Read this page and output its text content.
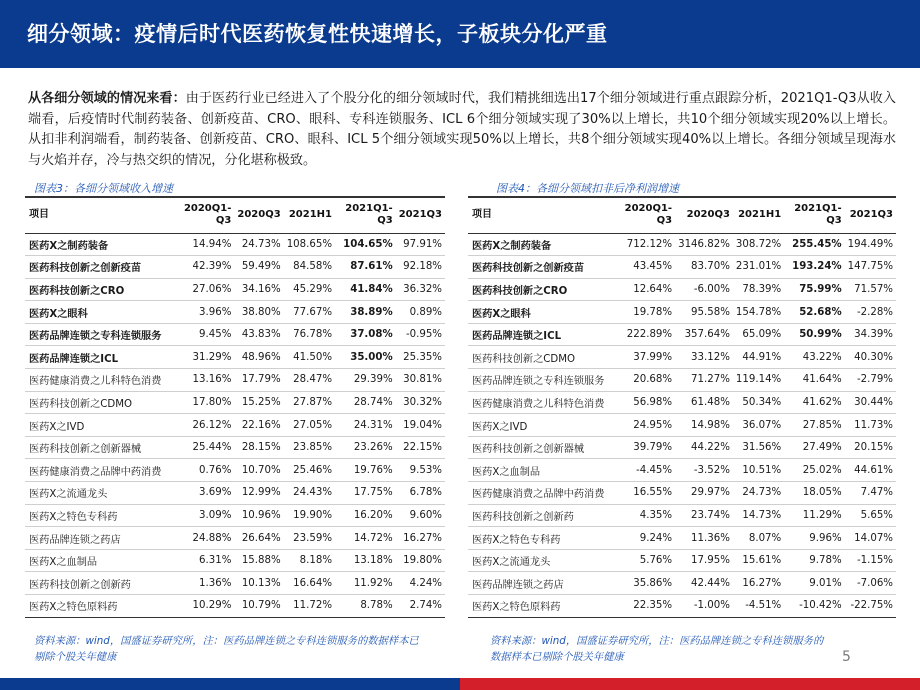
细分领域：疫情后时代医药恢复性快速增长，子板块分化严重
从各细分领域的情况来看：由于医药行业已经进入了个股分化的细分领域时代，我们精挑细选出17个细分领域进行重点跟踪分析，2021Q1-Q3从收入端看，后疫情时代制药装备、创新疫苗、CRO、眼科、专科连锁服务、ICL 6个细分领域实现了30%以上增长，共10个细分领域实现20%以上增长。从扣非利润端看，制药装备、创新疫苗、CRO、眼科、ICL 5个细分领域实现50%以上增长，共8个细分领域实现40%以上增长。各细分领域呈现海水与火焰并存，冷与热交织的情况，分化堪称极致。
图表3：各细分领域收入增速	图表4：各细分领域扣非后净利润增速
项目	2020Q1-Q3	2020Q3	2021H1	2021Q1-Q3	2021Q3
医药X之制药装备	14.94%	24.73%	108.65%	104.65%	97.91%
医药科技创新之创新疫苗	42.39%	59.49%	84.58%	87.61%	92.18%
医药科技创新之CRO	27.06%	34.16%	45.29%	41.84%	36.32%
医药X之眼科	3.96%	38.80%	77.67%	38.89%	0.89%
医药品牌连锁之专科连锁服务	9.45%	43.83%	76.78%	37.08%	-0.95%
医药品牌连锁之ICL	31.29%	48.96%	41.50%	35.00%	25.35%
医药健康消费之儿科特色消费	13.16%	17.79%	28.47%	29.39%	30.81%
医药科技创新之CDMO	17.80%	15.25%	27.87%	28.74%	30.32%
医药X之IVD	26.12%	22.16%	27.05%	24.31%	19.04%
医药科技创新之创新器械	25.44%	28.15%	23.85%	23.26%	22.15%
医药健康消费之品牌中药消费	0.76%	10.70%	25.46%	19.76%	9.53%
医药X之流通龙头	3.69%	12.99%	24.43%	17.75%	6.78%
医药X之特色专科药	3.09%	10.96%	19.90%	16.20%	9.60%
医药品牌连锁之药店	24.88%	26.64%	23.59%	14.72%	16.27%
医药X之血制品	6.31%	15.88%	8.18%	13.18%	19.80%
医药科技创新之创新药	1.36%	10.13%	16.64%	11.92%	4.24%
医药X之特色原料药	10.29%	10.79%	11.72%	8.78%	2.74%
项目	2020Q1-Q3	2020Q3	2021H1	2021Q1-Q3	2021Q3
医药X之制药装备	712.12%	3146.82%	308.72%	255.45%	194.49%
医药科技创新之创新疫苗	43.45%	83.70%	231.01%	193.24%	147.75%
医药科技创新之CRO	12.64%	-6.00%	78.39%	75.99%	71.57%
医药X之眼科	19.78%	95.58%	154.78%	52.68%	-2.28%
医药品牌连锁之ICL	222.89%	357.64%	65.09%	50.99%	34.39%
医药科技创新之CDMO	37.99%	33.12%	44.91%	43.22%	40.30%
医药品牌连锁之专科连锁服务	20.68%	71.27%	119.14%	41.64%	-2.79%
医药健康消费之儿科特色消费	56.98%	61.48%	50.34%	41.62%	30.44%
医药X之IVD	24.95%	14.98%	36.07%	27.85%	11.73%
医药科技创新之创新器械	39.79%	44.22%	31.56%	27.49%	20.15%
医药X之血制品	-4.45%	-3.52%	10.51%	25.02%	44.61%
医药健康消费之品牌中药消费	16.55%	29.97%	24.73%	18.05%	7.47%
医药科技创新之创新药	4.35%	23.74%	14.73%	11.29%	5.65%
医药X之特色专科药	9.24%	11.36%	8.07%	9.96%	14.07%
医药X之流通龙头	5.76%	17.95%	15.61%	9.78%	-1.15%
医药品牌连锁之药店	35.86%	42.44%	16.27%	9.01%	-7.06%
医药X之特色原料药	22.35%	-1.00%	-4.51%	-10.42%	-22.75%
资料来源：wind，国盛证券研究所，注：医药品牌连锁之专科连锁服务的数据样本已剔除个股关年健康
资料来源：wind，国盛证券研究所，注：医药品牌连锁之专科连锁服务的数据样本已剔除个股关年健康	5
